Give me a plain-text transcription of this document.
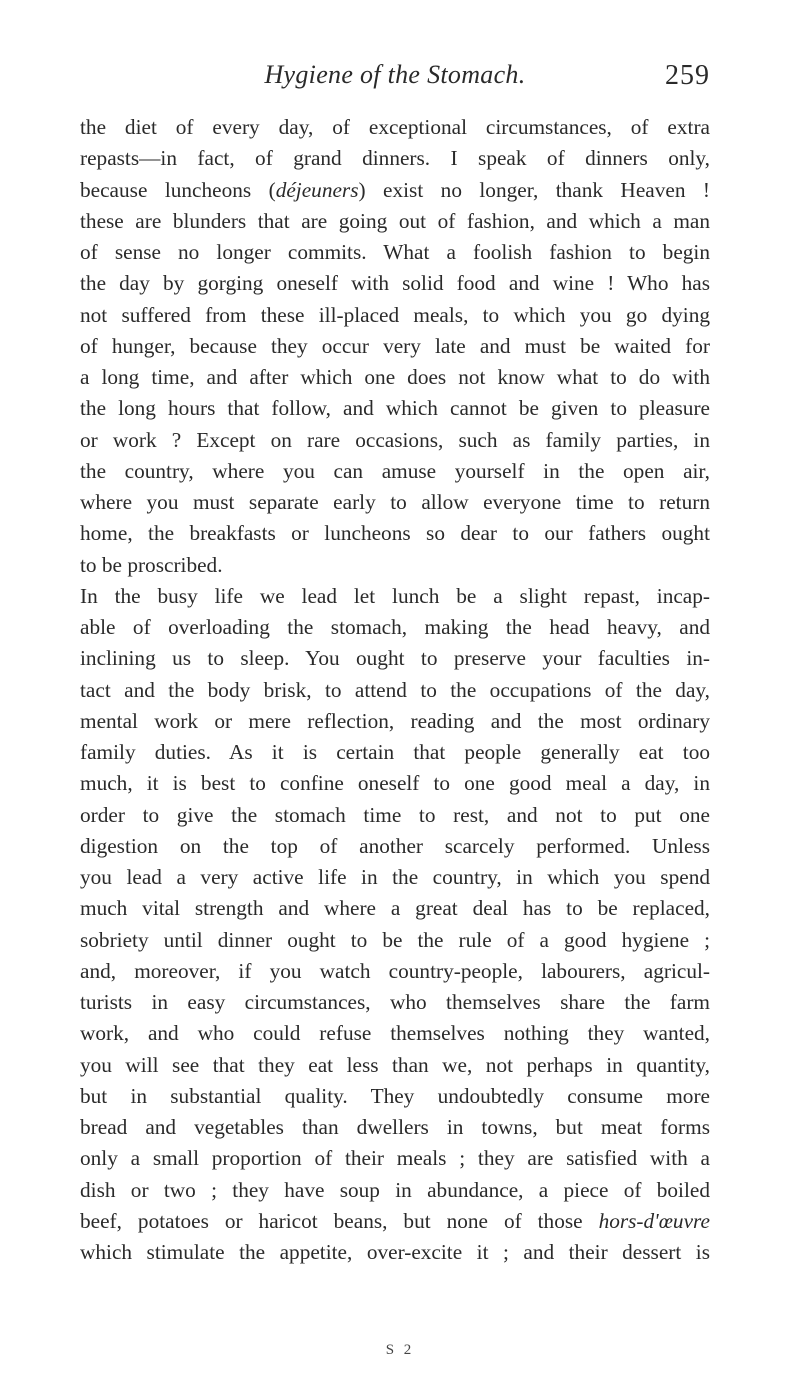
Hygiene of the Stomach.	259
the diet of every day, of exceptional circumstances, of extra
repasts—in fact, of grand dinners. I speak of dinners only,
because luncheons (déjeuners) exist no longer, thank Heaven !
these are blunders that are going out of fashion, and which a man
of sense no longer commits. What a foolish fashion to begin
the day by gorging oneself with solid food and wine ! Who has
not suffered from these ill-placed meals, to which you go dying
of hunger, because they occur very late and must be waited for
a long time, and after which one does not know what to do with
the long hours that follow, and which cannot be given to pleasure
or work ? Except on rare occasions, such as family parties, in
the country, where you can amuse yourself in the open air,
where you must separate early to allow everyone time to return
home, the breakfasts or luncheons so dear to our fathers ought
to be proscribed.
In the busy life we lead let lunch be a slight repast, incap-
able of overloading the stomach, making the head heavy, and
inclining us to sleep. You ought to preserve your faculties in-
tact and the body brisk, to attend to the occupations of the day,
mental work or mere reflection, reading and the most ordinary
family duties. As it is certain that people generally eat too
much, it is best to confine oneself to one good meal a day, in
order to give the stomach time to rest, and not to put one
digestion on the top of another scarcely performed. Unless
you lead a very active life in the country, in which you spend
much vital strength and where a great deal has to be replaced,
sobriety until dinner ought to be the rule of a good hygiene ;
and, moreover, if you watch country-people, labourers, agricul-
turists in easy circumstances, who themselves share the farm
work, and who could refuse themselves nothing they wanted,
you will see that they eat less than we, not perhaps in quantity,
but in substantial quality. They undoubtedly consume more
bread and vegetables than dwellers in towns, but meat forms
only a small proportion of their meals ; they are satisfied with a
dish or two ; they have soup in abundance, a piece of boiled
beef, potatoes or haricot beans, but none of those hors-d'œuvre
which stimulate the appetite, over-excite it ; and their dessert is
S 2
